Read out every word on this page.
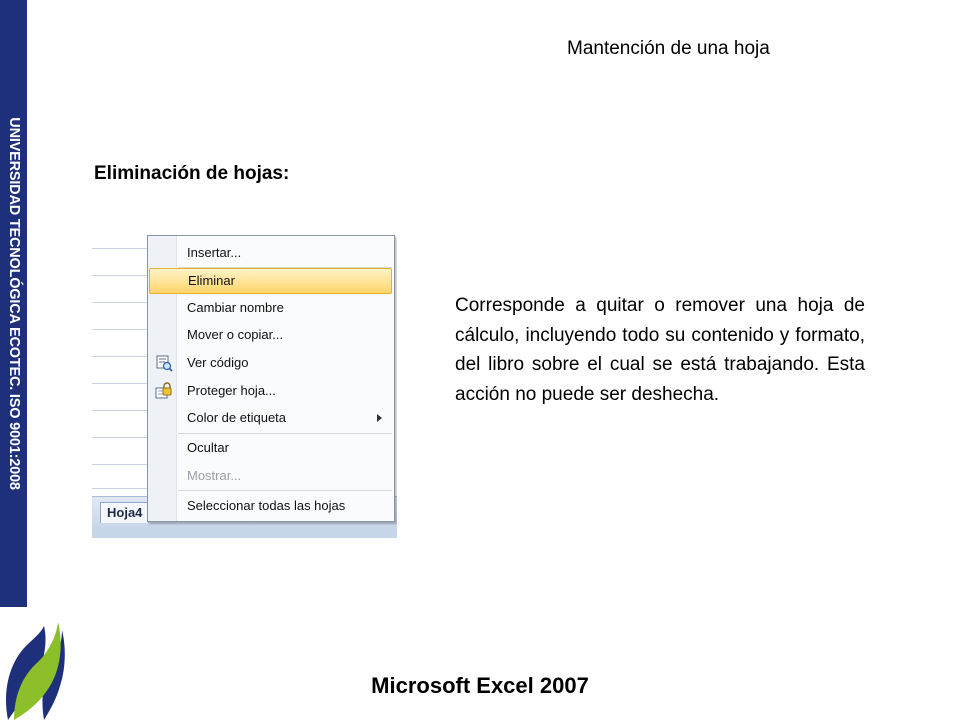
UNIVERSIDAD TECNOLÓGICA ECOTEC. ISO 9001:2008
Mantención de una hoja
Eliminación de hojas:
Hoja4
Insertar...
Eliminar
Cambiar nombre
Mover o copiar...
Ver código
Proteger hoja...
Color de etiqueta
Ocultar
Mostrar...
Seleccionar todas las hojas
Corresponde a quitar o remover una hoja de cálculo, incluyendo todo su contenido y formato, del libro sobre el cual se está trabajando. Esta acción no puede ser deshecha.
Microsoft Excel 2007
